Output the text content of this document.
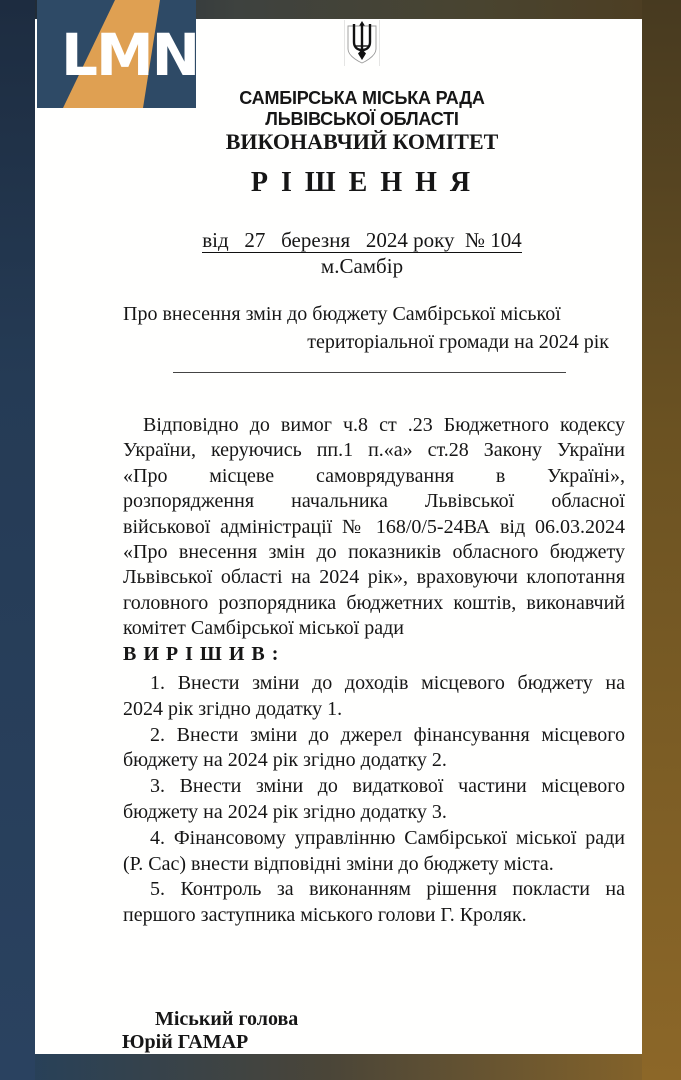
САМБІРСЬКА МІСЬКА РАДА
ЛЬВІВСЬКОЇ ОБЛАСТІ
ВИКОНАВЧИЙ КОМІТЕТ
Р І Ш Е Н Н Я
від   27   березня   2024 року  № 104
м.Самбір
Про внесення змін до бюджету Самбірської міської
територіальної громади на 2024 рік
Відповідно до вимог ч.8 ст .23 Бюджетного кодексу
України, керуючись пп.1 п.«а» ст.28 Закону України
«Про місцеве самоврядування в Україні»,
розпорядження начальника Львівської обласної
військової адміністрації № 168/0/5-24ВА від 06.03.2024
«Про внесення змін до показників обласного бюджету
Львівської області на 2024 рік», враховуючи клопотання
головного розпорядника бюджетних коштів, виконавчий
комітет Самбірської міської ради
В И Р І Ш И В :
1. Внести зміни до доходів місцевого бюджету на
2024 рік згідно додатку 1.
2. Внести зміни до джерел фінансування місцевого
бюджету на 2024 рік згідно додатку 2.
3. Внести зміни до видаткової частини місцевого
бюджету на 2024 рік згідно додатку 3.
4. Фінансовому управлінню Самбірської міської ради
(Р. Сас) внести відповідні зміни до бюджету міста.
5. Контроль за виконанням рішення покласти на
першого заступника міського голови Г. Кроляк.
Міський голова
Юрій ГАМАР
LMN
